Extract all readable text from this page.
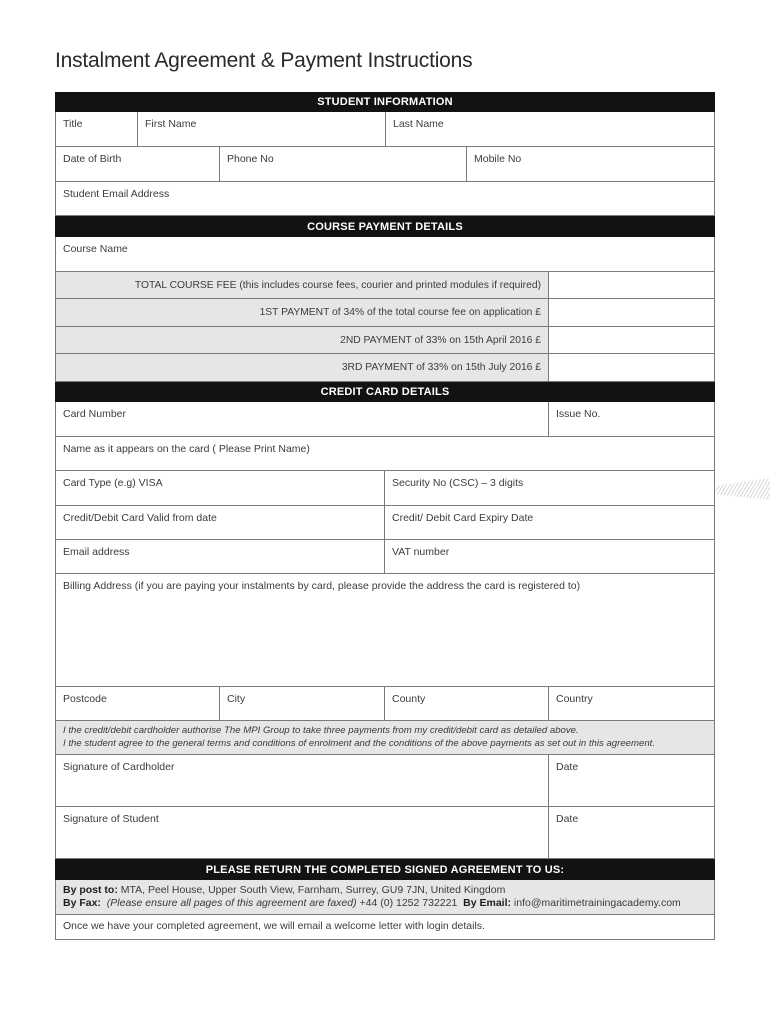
Instalment Agreement & Payment Instructions
STUDENT INFORMATION
Title	First Name	Last Name
Date of Birth	Phone No	Mobile No
Student Email Address
COURSE PAYMENT DETAILS
Course Name
TOTAL COURSE FEE (this includes course fees, courier and printed modules if required)
1ST PAYMENT of 34% of the total course fee on application £
2ND PAYMENT of 33% on 15th April 2016 £
3RD PAYMENT of 33% on 15th July 2016 £
CREDIT CARD DETAILS
Card Number	Issue No.
Name as it appears on the card ( Please Print Name)
Card Type (e.g) VISA	Security No (CSC) – 3 digits
Credit/Debit Card Valid from date	Credit/ Debit Card Expiry Date
Email address	VAT number
Billing Address (if you are paying your instalments by card, please provide the address the card is registered to)
Postcode	City	County	Country
I the credit/debit cardholder authorise The MPI Group to take three payments from my credit/debit card as detailed above.
I the student agree to the general terms and conditions of enrolment and the conditions of the above payments as set out in this agreement.
Signature of Cardholder	Date
Signature of Student	Date
PLEASE RETURN THE COMPLETED SIGNED AGREEMENT TO US:
By post to: MTA, Peel House, Upper South View, Farnham, Surrey, GU9 7JN, United Kingdom
By Fax: (Please ensure all pages of this agreement are faxed) +44 (0) 1252 732221  By Email: info@maritimetrainingacademy.com
Once we have your completed agreement, we will email a welcome letter with login details.
